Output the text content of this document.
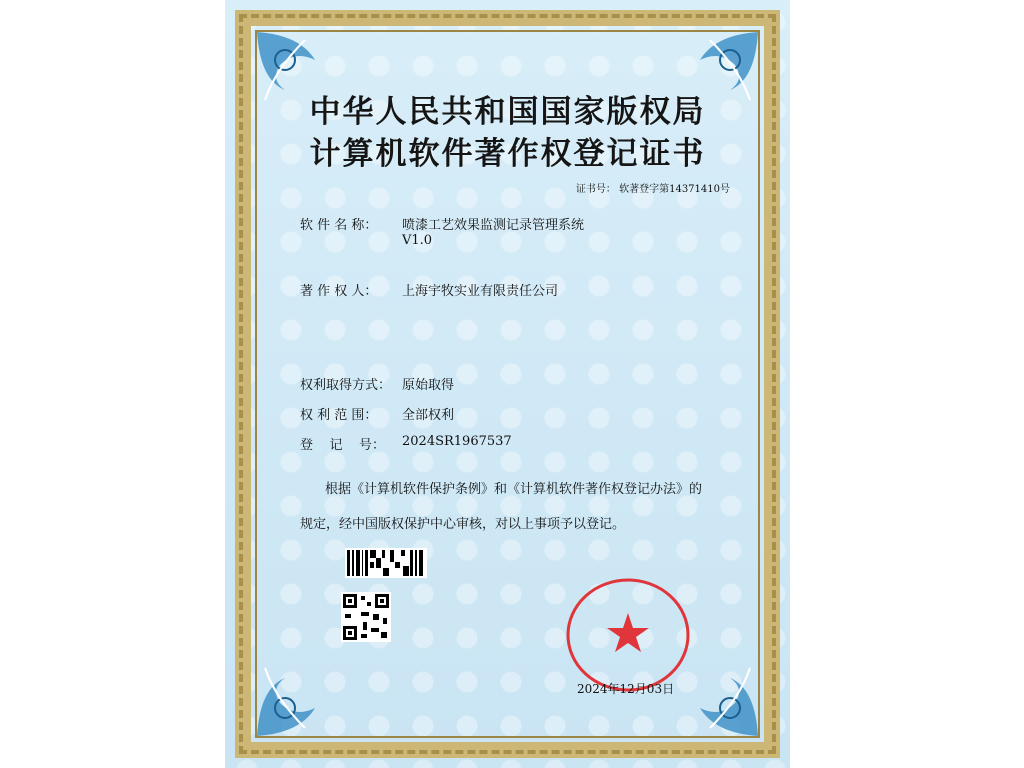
中华人民共和国国家版权局
计算机软件著作权登记证书
证书号： 软著登字第14371410号
软 件 名 称：	喷漆工艺效果监测记录管理系统
V1.0
著 作 权 人：	上海宇牧实业有限责任公司
权利取得方式： 原始取得
权 利 范 围：	全部权利
登    记    号：	2024SR1967537
根据《计算机软件保护条例》和《计算机软件著作权登记办法》的
规定，经中国版权保护中心审核，对以上事项予以登记。
2024年12月03日
